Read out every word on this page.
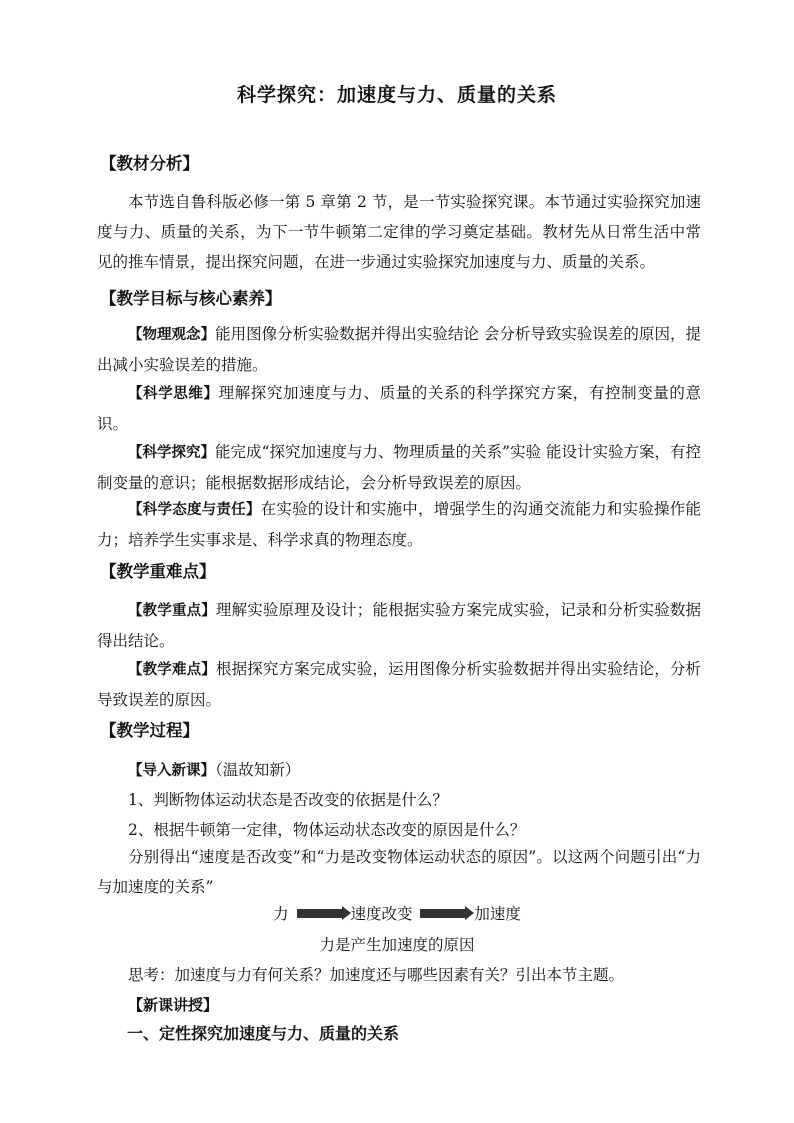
科学探究：加速度与力、质量的关系
【教材分析】
本节选自鲁科版必修一第 5 章第 2 节，是一节实验探究课。本节通过实验探究加速度与力、质量的关系，为下一节牛顿第二定律的学习奠定基础。教材先从日常生活中常见的推车情景，提出探究问题，在进一步通过实验探究加速度与力、质量的关系。
【教学目标与核心素养】
【物理观念】能用图像分析实验数据并得出实验结论 会分析导致实验误差的原因，提出减小实验误差的措施。
【科学思维】理解探究加速度与力、质量的关系的科学探究方案，有控制变量的意识。
【科学探究】能完成“探究加速度与力、物理质量的关系”实验 能设计实验方案，有控制变量的意识；能根据数据形成结论，会分析导致误差的原因。
【科学态度与责任】在实验的设计和实施中，增强学生的沟通交流能力和实验操作能力；培养学生实事求是、科学求真的物理态度。
【教学重难点】
【教学重点】理解实验原理及设计；能根据实验方案完成实验，记录和分析实验数据得出结论。
【教学难点】根据探究方案完成实验，运用图像分析实验数据并得出实验结论，分析导致误差的原因。
【教学过程】
【导入新课】（温故知新）
1、判断物体运动状态是否改变的依据是什么？
2、根据牛顿第一定律，物体运动状态改变的原因是什么？
分别得出“速度是否改变”和“力是改变物体运动状态的原因”。以这两个问题引出“力与加速度的关系”
力	速度改变	加速度
力是产生加速度的原因
思考：加速度与力有何关系？加速度还与哪些因素有关？引出本节主题。
【新课讲授】
一、定性探究加速度与力、质量的关系
